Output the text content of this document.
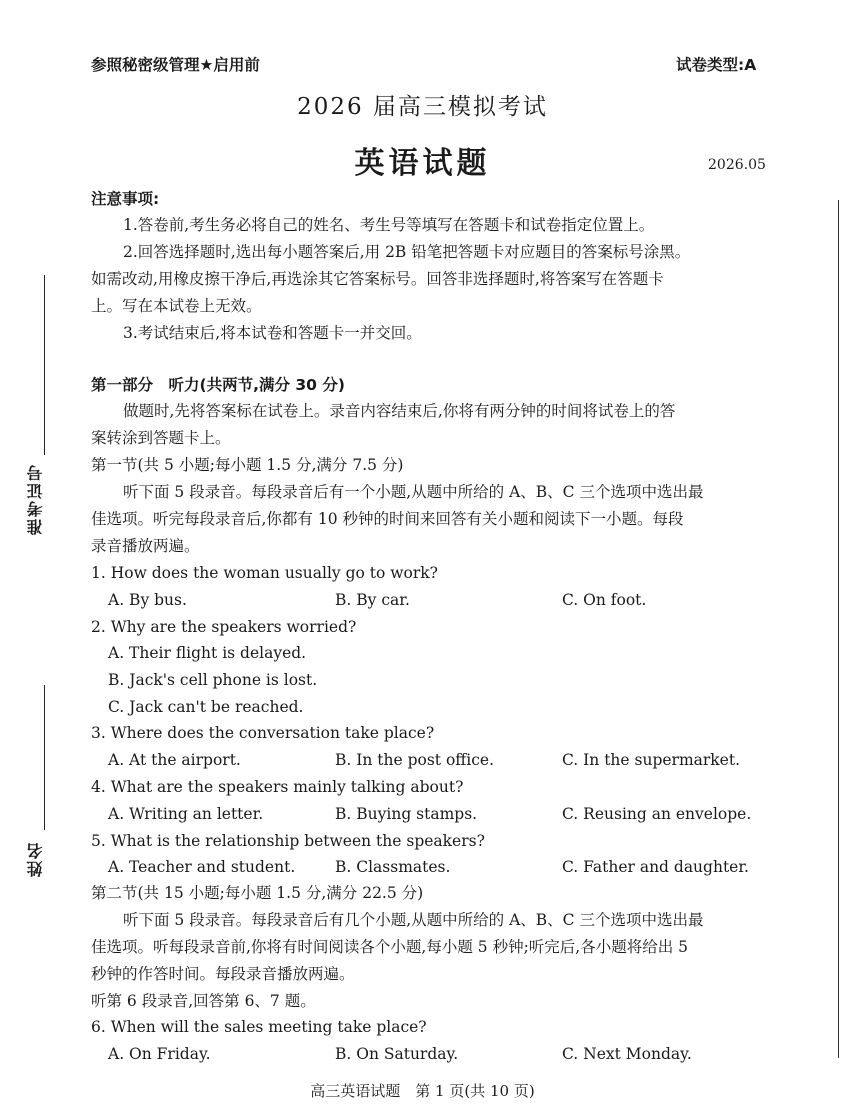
准考证号
姓名
参照秘密级管理★启用前	试卷类型:A
2026 届高三模拟考试
英语试题	2026.05
注意事项:
1.答卷前,考生务必将自己的姓名、考生号等填写在答题卡和试卷指定位置上。
2.回答选择题时,选出每小题答案后,用 2B 铅笔把答题卡对应题目的答案标号涂黑。
如需改动,用橡皮擦干净后,再选涂其它答案标号。回答非选择题时,将答案写在答题卡
上。写在本试卷上无效。
3.考试结束后,将本试卷和答题卡一并交回。
第一部分　听力(共两节,满分 30 分)
做题时,先将答案标在试卷上。录音内容结束后,你将有两分钟的时间将试卷上的答
案转涂到答题卡上。
第一节(共 5 小题;每小题 1.5 分,满分 7.5 分)
听下面 5 段录音。每段录音后有一个小题,从题中所给的 A、B、C 三个选项中选出最
佳选项。听完每段录音后,你都有 10 秒钟的时间来回答有关小题和阅读下一小题。每段
录音播放两遍。
1. How does the woman usually go to work?
A. By bus.	B. By car.	C. On foot.
2. Why are the speakers worried?
A. Their flight is delayed.
B. Jack's cell phone is lost.
C. Jack can't be reached.
3. Where does the conversation take place?
A. At the airport.	B. In the post office.	C. In the supermarket.
4. What are the speakers mainly talking about?
A. Writing an letter.	B. Buying stamps.	C. Reusing an envelope.
5. What is the relationship between the speakers?
A. Teacher and student.	B. Classmates.	C. Father and daughter.
第二节(共 15 小题;每小题 1.5 分,满分 22.5 分)
听下面 5 段录音。每段录音后有几个小题,从题中所给的 A、B、C 三个选项中选出最
佳选项。听每段录音前,你将有时间阅读各个小题,每小题 5 秒钟;听完后,各小题将给出 5
秒钟的作答时间。每段录音播放两遍。
听第 6 段录音,回答第 6、7 题。
6. When will the sales meeting take place?
A. On Friday.	B. On Saturday.	C. Next Monday.
高三英语试题　第 1 页(共 10 页)
